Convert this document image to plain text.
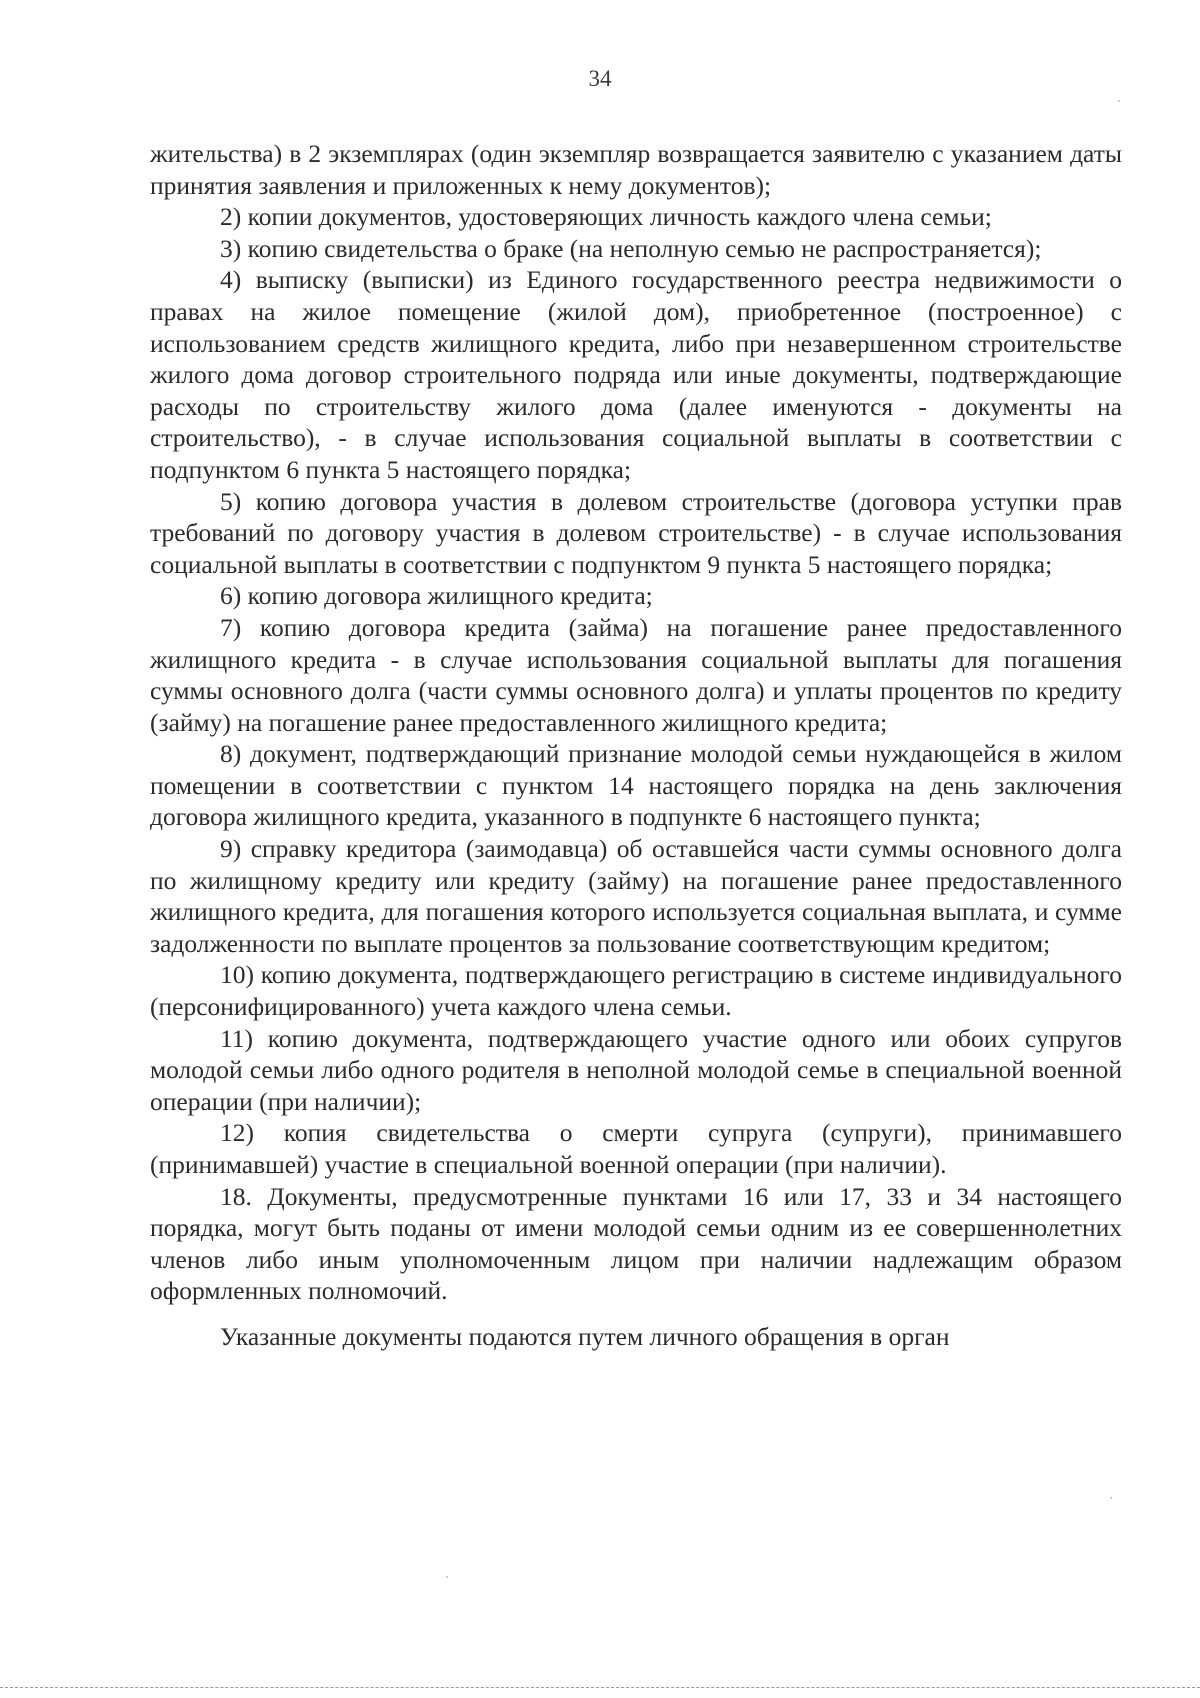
34

жительства) в 2 экземплярах (один экземпляр возвращается заявителю с указанием даты принятия заявления и приложенных к нему документов);

2) копии документов, удостоверяющих личность каждого члена семьи;

3) копию свидетельства о браке (на неполную семью не распространяется);

4) выписку (выписки) из Единого государственного реестра недвижимости о правах на жилое помещение (жилой дом), приобретенное (построенное) с использованием средств жилищного кредита, либо при незавершенном строительстве жилого дома договор строительного подряда или иные документы, подтверждающие расходы по строительству жилого дома (далее именуются - документы на строительство), - в случае использования социальной выплаты в соответствии с подпунктом 6 пункта 5 настоящего порядка;

5) копию договора участия в долевом строительстве (договора уступки прав требований по договору участия в долевом строительстве) - в случае использования социальной выплаты в соответствии с подпунктом 9 пункта 5 настоящего порядка;

6) копию договора жилищного кредита;

7) копию договора кредита (займа) на погашение ранее предоставленного жилищного кредита - в случае использования социальной выплаты для погашения суммы основного долга (части суммы основного долга) и уплаты процентов по кредиту (займу) на погашение ранее предоставленного жилищного кредита;

8) документ, подтверждающий признание молодой семьи нуждающейся в жилом помещении в соответствии с пунктом 14 настоящего порядка на день заключения договора жилищного кредита, указанного в подпункте 6 настоящего пункта;

9) справку кредитора (заимодавца) об оставшейся части суммы основного долга по жилищному кредиту или кредиту (займу) на погашение ранее предоставленного жилищного кредита, для погашения которого используется социальная выплата, и сумме задолженности по выплате процентов за пользование соответствующим кредитом;

10) копию документа, подтверждающего регистрацию в системе индивидуального (персонифицированного) учета каждого члена семьи.

11) копию документа, подтверждающего участие одного или обоих супругов молодой семьи либо одного родителя в неполной молодой семье в специальной военной операции (при наличии);

12) копия свидетельства о смерти супруга (супруги), принимавшего (принимавшей) участие в специальной военной операции (при наличии).

18. Документы, предусмотренные пунктами 16 или 17, 33 и 34 настоящего порядка, могут быть поданы от имени молодой семьи одним из ее совершеннолетних членов либо иным уполномоченным лицом при наличии надлежащим образом оформленных полномочий.

Указанные документы подаются путем личного обращения в орган
